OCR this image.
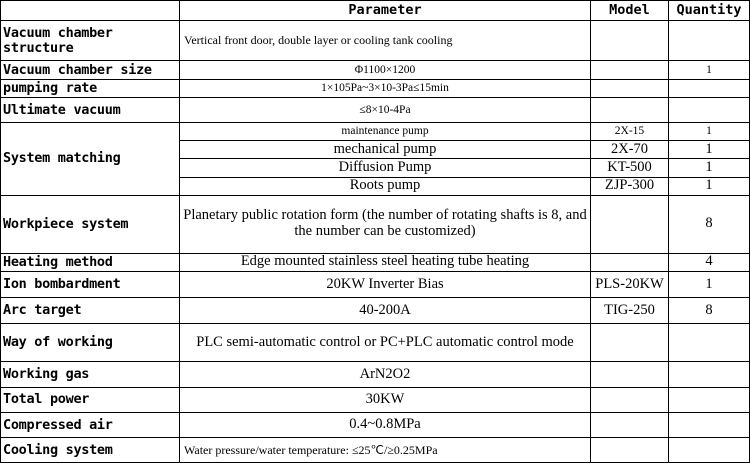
	Parameter	Model	Quantity
Vacuum chamber structure	Vertical front door, double layer or cooling tank cooling		
Vacuum chamber size	Φ1100×1200		1
pumping rate	1×105Pa~3×10-3Pa≤15min		
Ultimate vacuum	≤8×10-4Pa		
System matching	maintenance pump	2X-15	1
	mechanical pump	2X-70	1
	Diffusion Pump	KT-500	1
	Roots pump	ZJP-300	1
Workpiece system	Planetary public rotation form (the number of rotating shafts is 8, and the number can be customized)		8
Heating method	Edge mounted stainless steel heating tube heating		4
Ion bombardment	20KW Inverter Bias	PLS-20KW	1
Arc target	40-200A	TIG-250	8
Way of working	PLC semi-automatic control or PC+PLC automatic control mode		
Working gas	ArN2O2		
Total power	30KW		
Compressed air	0.4~0.8MPa		
Cooling system	Water pressure/water temperature: ≤25℃/≥0.25MPa		
